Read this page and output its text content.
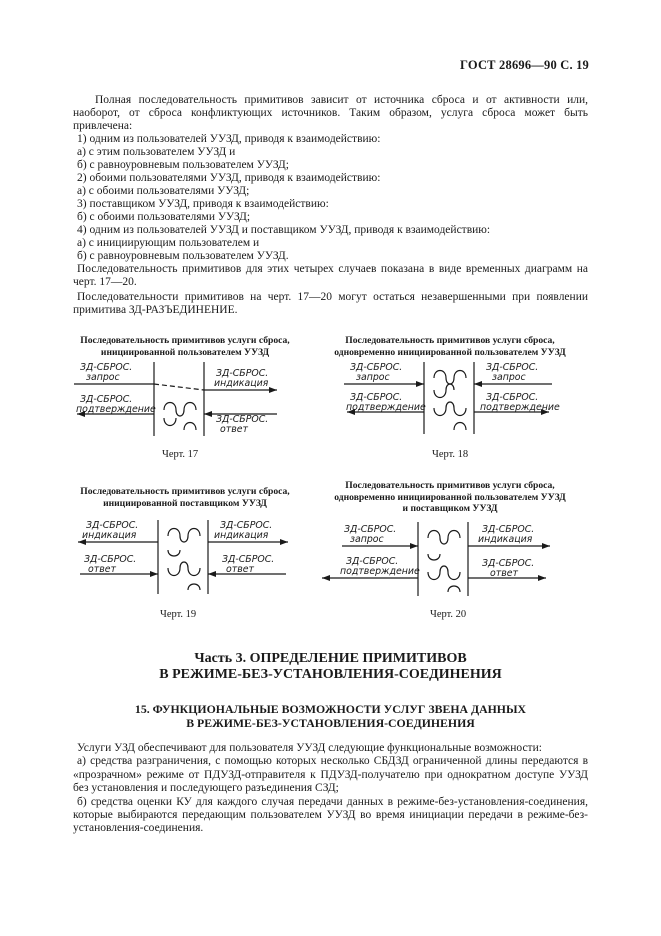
ГОСТ 28696—90 С. 19

Полная последовательность примитивов зависит от источника сброса и от активности или, наоборот, от сброса конфликтующих источников. Таким образом, услуга сброса может быть привлечена:

1) одним из пользователей УУЗД, приводя к взаимодействию:

а) с этим пользователем УУЗД и

б) с равноуровневым пользователем УУЗД;

2) обоими пользователями УУЗД, приводя к взаимодействию:

а) с обоими пользователями УУЗД;

3) поставщиком УУЗД, приводя к взаимодействию:

б) с обоими пользователями УУЗД;

4) одним из пользователей УУЗД и поставщиком УУЗД, приводя к взаимодействию:

а) с инициирующим пользователем и

б) с равноуровневым пользователем УУЗД.

Последовательность примитивов для этих четырех случаев показана в виде временных диаграмм на черт. 17—20.

Последовательности примитивов на черт. 17—20 могут остаться незавершенными при появлении примитива ЗД-РАЗЪЕДИНЕНИЕ.

Последовательность примитивов услуги сброса,
инициированной пользователем УУЗД
ЗД-СБРОС.
запрос	ЗД-СБРОС.
индикация
ЗД-СБРОС.
подтверждение
ЗД-СБРОС.
ответ
Черт. 17
Последовательность примитивов услуги сброса,
одновременно инициированной пользователем УУЗД
ЗД-СБРОС.
запрос
ЗД-СБРОС.
запрос
ЗД-СБРОС.
подтверждение
ЗД-СБРОС.
подтверждение
Черт. 18
Последовательность примитивов услуги сброса,
инициированной поставщиком УУЗД
ЗД-СБРОС.
индикация
ЗД-СБРОС.
индикация
ЗД-СБРОС.
ответ
ЗД-СБРОС.
ответ
Черт. 19
Последовательность примитивов услуги сброса,
одновременно инициированной пользователем УУЗД
и поставщиком УУЗД
ЗД-СБРОС.
запрос
ЗД-СБРОС.
индикация
ЗД-СБРОС.
подтверждение
ЗД-СБРОС.
ответ
Черт. 20
Часть 3. ОПРЕДЕЛЕНИЕ ПРИМИТИВОВ
В РЕЖИМЕ-БЕЗ-УСТАНОВЛЕНИЯ-СОЕДИНЕНИЯ
15. ФУНКЦИОНАЛЬНЫЕ ВОЗМОЖНОСТИ УСЛУГ ЗВЕНА ДАННЫХ
В РЕЖИМЕ-БЕЗ-УСТАНОВЛЕНИЯ-СОЕДИНЕНИЯ

Услуги УЗД обеспечивают для пользователя УУЗД следующие функциональные возможности:

а) средства разграничения, с помощью которых несколько СБДЗД ограниченной длины передаются в «прозрачном» режиме от ПДУЗД-отправителя к ПДУЗД-получателю при однократном доступе УУЗД без установления и последующего разъединения СЗД;

б) средства оценки КУ для каждого случая передачи данных в режиме-без-установления-соединения, которые выбираются передающим пользователем УУЗД во время инициации передачи в режиме-без-установления-соединения.
